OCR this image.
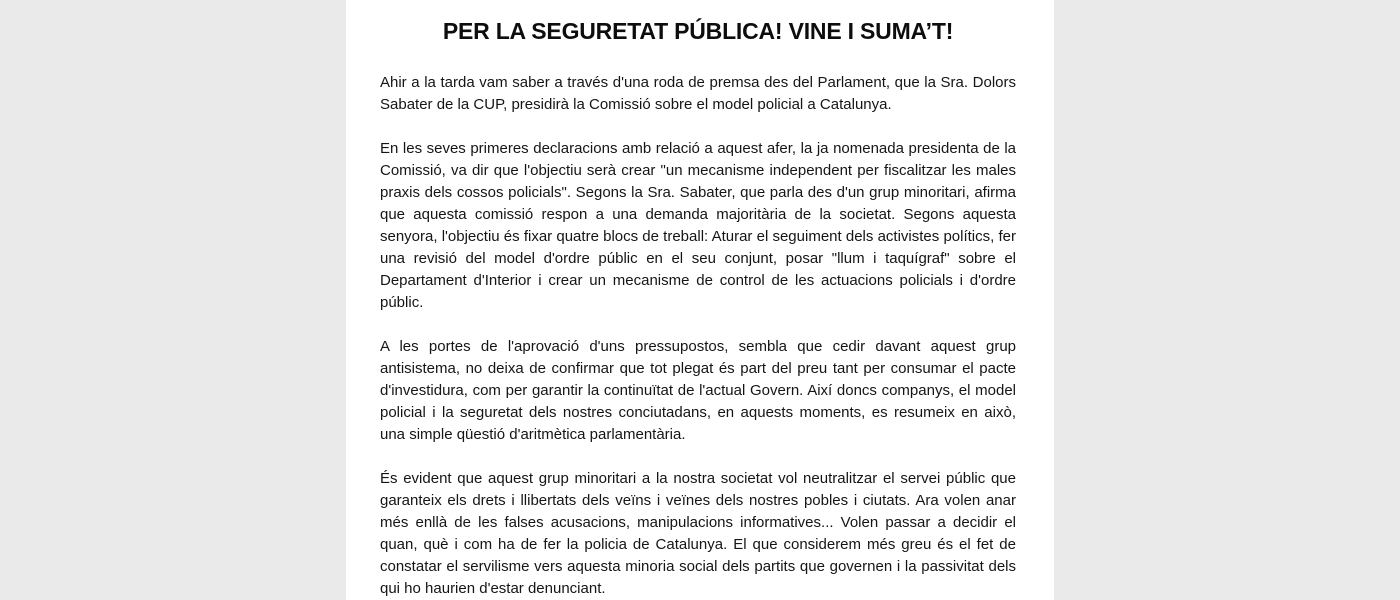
PER LA SEGURETAT PÚBLICA! VINE I SUMA’T!

Ahir a la tarda vam saber a través d'una roda de premsa des del Parlament, que la Sra. Dolors Sabater de la CUP, presidirà la Comissió sobre el model policial a Catalunya.

En les seves primeres declaracions amb relació a aquest afer, la ja nomenada presidenta de la Comissió, va dir que l'objectiu serà crear "un mecanisme independent per fiscalitzar les males praxis dels cossos policials". Segons la Sra. Sabater, que parla des d'un grup minoritari, afirma que aquesta comissió respon a una demanda majoritària de la societat. Segons aquesta senyora, l'objectiu és fixar quatre blocs de treball: Aturar el seguiment dels activistes polítics, fer una revisió del model d'ordre públic en el seu conjunt, posar "llum i taquígraf" sobre el Departament d'Interior i crear un mecanisme de control de les actuacions policials i d'ordre públic.

A les portes de l'aprovació d'uns pressupostos, sembla que cedir davant aquest grup antisistema, no deixa de confirmar que tot plegat és part del preu tant per consumar el pacte d'investidura, com per garantir la continuïtat de l'actual Govern. Així doncs companys, el model policial i la seguretat dels nostres conciutadans, en aquests moments, es resumeix en això, una simple qüestió d'aritmètica parlamentària.

És evident que aquest grup minoritari a la nostra societat vol neutralitzar el servei públic que garanteix els drets i llibertats dels veïns i veïnes dels nostres pobles i ciutats. Ara volen anar més enllà de les falses acusacions, manipulacions informatives... Volen passar a decidir el quan, què i com ha de fer la policia de Catalunya. El que considerem més greu és el fet de constatar el servilisme vers aquesta minoria social dels partits que governen i la passivitat dels qui ho haurien d'estar denunciant.
